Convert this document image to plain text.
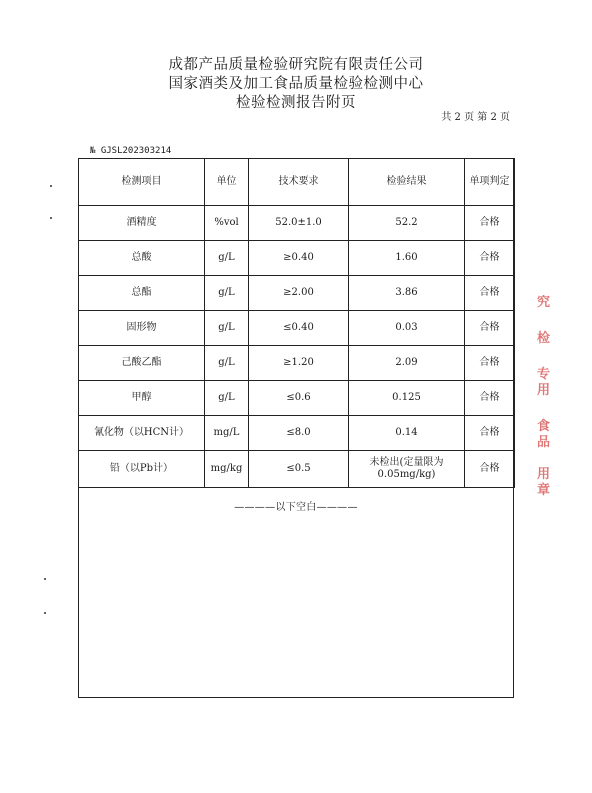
成都产品质量检验研究院有限责任公司
国家酒类及加工食品质量检验检测中心
检验检测报告附页
共 2 页 第 2 页
№ GJSL202303214
检测项目	单位	技术要求	检验结果	单项判定
酒精度	%vol	52.0±1.0	52.2	合格
总酸	g/L	≥0.40	1.60	合格
总酯	g/L	≥2.00	3.86	合格
固形物	g/L	≤0.40	0.03	合格
己酸乙酯	g/L	≥1.20	2.09	合格
甲醇	g/L	≤0.6	0.125	合格
氰化物（以HCN计）	mg/L	≤8.0	0.14	合格
铅（以Pb计）	mg/kg	≤0.5	未检出(定量限为0.05mg/kg)	合格
————以下空白————
究
检
专
用
食
品
用
章
